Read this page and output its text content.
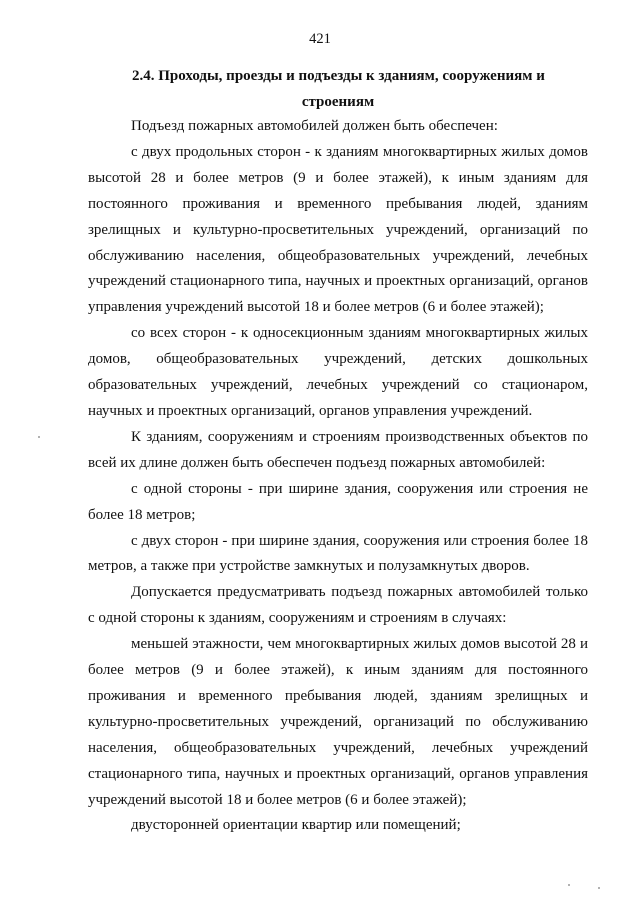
421
2.4. Проходы, проезды и подъезды к зданиям, сооружениям и
строениям

Подъезд пожарных автомобилей должен быть обеспечен:

с двух продольных сторон - к зданиям многоквартирных жилых домов высотой 28 и более метров (9 и более этажей), к иным зданиям для постоянного проживания и временного пребывания людей, зданиям зрелищных и культурно-просветительных учреждений, организаций по обслуживанию населения, общеобразовательных учреждений, лечебных учреждений стационарного типа, научных и проектных организаций, органов управления учреждений высотой 18 и более метров (6 и более этажей);

со всех сторон - к односекционным зданиям многоквартирных жилых домов, общеобразовательных учреждений, детских дошкольных образовательных учреждений, лечебных учреждений со стационаром, научных и проектных организаций, органов управления учреждений.

К зданиям, сооружениям и строениям производственных объектов по всей их длине должен быть обеспечен подъезд пожарных автомобилей:

с одной стороны - при ширине здания, сооружения или строения не более 18 метров;

с двух сторон - при ширине здания, сооружения или строения более 18 метров, а также при устройстве замкнутых и полузамкнутых дворов.

Допускается предусматривать подъезд пожарных автомобилей только с одной стороны к зданиям, сооружениям и строениям в случаях:

меньшей этажности, чем многоквартирных жилых домов высотой 28 и более метров (9 и более этажей), к иным зданиям для постоянного проживания и временного пребывания людей, зданиям зрелищных и культурно-просветительных учреждений, организаций по обслуживанию населения, общеобразовательных учреждений, лечебных учреждений стационарного типа, научных и проектных организаций, органов управления учреждений высотой 18 и более метров (6 и более этажей);

двусторонней ориентации квартир или помещений;
